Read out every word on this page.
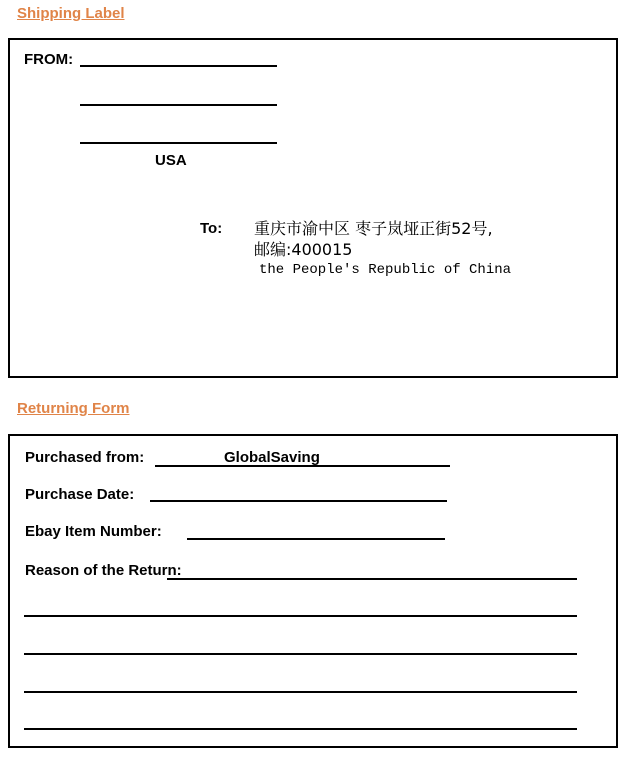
Shipping Label
FROM:
USA
To: 重庆市渝中区 枣子岚垭正街52号,
邮编:400015
the People's Republic of China
Returning Form
Purchased from:	GlobalSaving
Purchase Date:
Ebay Item Number:
Reason of the Return:
